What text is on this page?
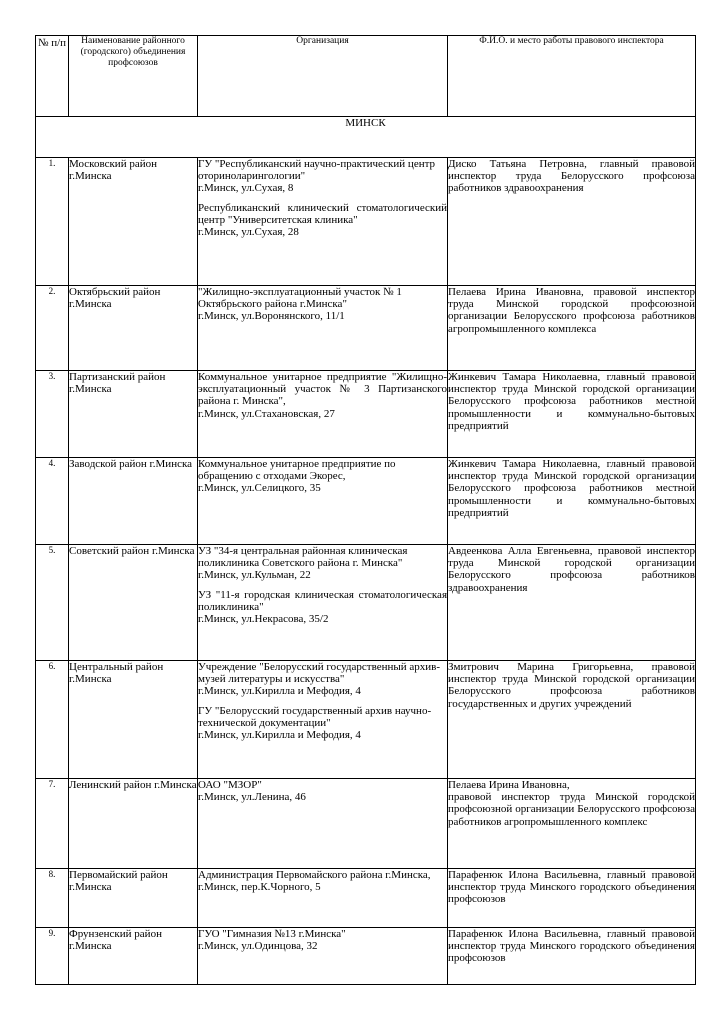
№ п/п	Наименование районного (городского) объединения профсоюзов	Организация	Ф.И.О. и место работы правового инспектора
МИНСК			
1.	Московский район г.Минска	ГУ "Республиканский научно-практический центр оториноларингологии"
г.Минск, ул.Сухая, 8

Республиканский клинический стоматологический центр "Университетская клиника"
г.Минск, ул.Сухая, 28	Диско Татьяна Петровна, главный правовой инспектор труда Белорусского профсоюза работников здравоохранения
2.	Октябрьский район г.Минска	"Жилищно-эксплуатационный участок № 1 Октябрьского района г.Минска"
г.Минск, ул.Воронянского, 11/1	Пелаева Ирина Ивановна, правовой инспектор труда Минской городской профсоюзной организации Белорусского профсоюза работников агропромышленного комплекса
3.	Партизанский район г.Минска	Коммунальное унитарное предприятие "Жилищно-эксплуатационный участок № 3 Партизанского района г. Минска",
г.Минск, ул.Стахановская, 27	Жинкевич Тамара Николаевна, главный правовой инспектор труда Минской городской организации Белорусского профсоюза работников местной промышленности и коммунально-бытовых предприятий
4.	Заводской район г.Минска	Коммунальное унитарное предприятие по обращению с отходами Экорес,
г.Минск, ул.Селицкого, 35	Жинкевич Тамара Николаевна, главный правовой инспектор труда Минской городской организации Белорусского профсоюза работников местной промышленности и коммунально-бытовых предприятий
5.	Советский район г.Минска	УЗ "34-я центральная районная клиническая поликлиника Советского района г. Минска"
г.Минск, ул.Кульман, 22

УЗ "11-я городская клиническая стоматологическая поликлиника"
г.Минск, ул.Некрасова, 35/2	Авдеенкова Алла Евгеньевна, правовой инспектор труда Минской городской организации Белорусского профсоюза работников здравоохранения
6.	Центральный район г.Минска	Учреждение "Белорусский государственный архив-музей литературы и искусства"
г.Минск, ул.Кирилла и Мефодия, 4

ГУ "Белорусский государственный архив научно-технической документации"
г.Минск, ул.Кирилла и Мефодия, 4	Змитрович Марина Григорьевна, правовой инспектор труда Минской городской организации Белорусского профсоюза работников государственных и других учреждений
7.	Ленинский район г.Минска	ОАО "МЗОР"
г.Минск, ул.Ленина, 46	Пелаева Ирина Ивановна,
правовой инспектор труда Минской городской профсоюзной организации Белорусского профсоюза работников агропромышленного комплекс

8.	Первомайский район г.Минска	Администрация Первомайского района г.Минска, г.Минск, пер.К.Чорного, 5	Парафенюк Илона Васильевна, главный правовой инспектор труда Минского городского объединения профсоюзов
9.	Фрунзенский район г.Минска	ГУО "Гимназия №13 г.Минска"
г.Минск, ул.Одинцова, 32	Парафенюк Илона Васильевна, главный правовой инспектор труда Минского городского объединения профсоюзов
